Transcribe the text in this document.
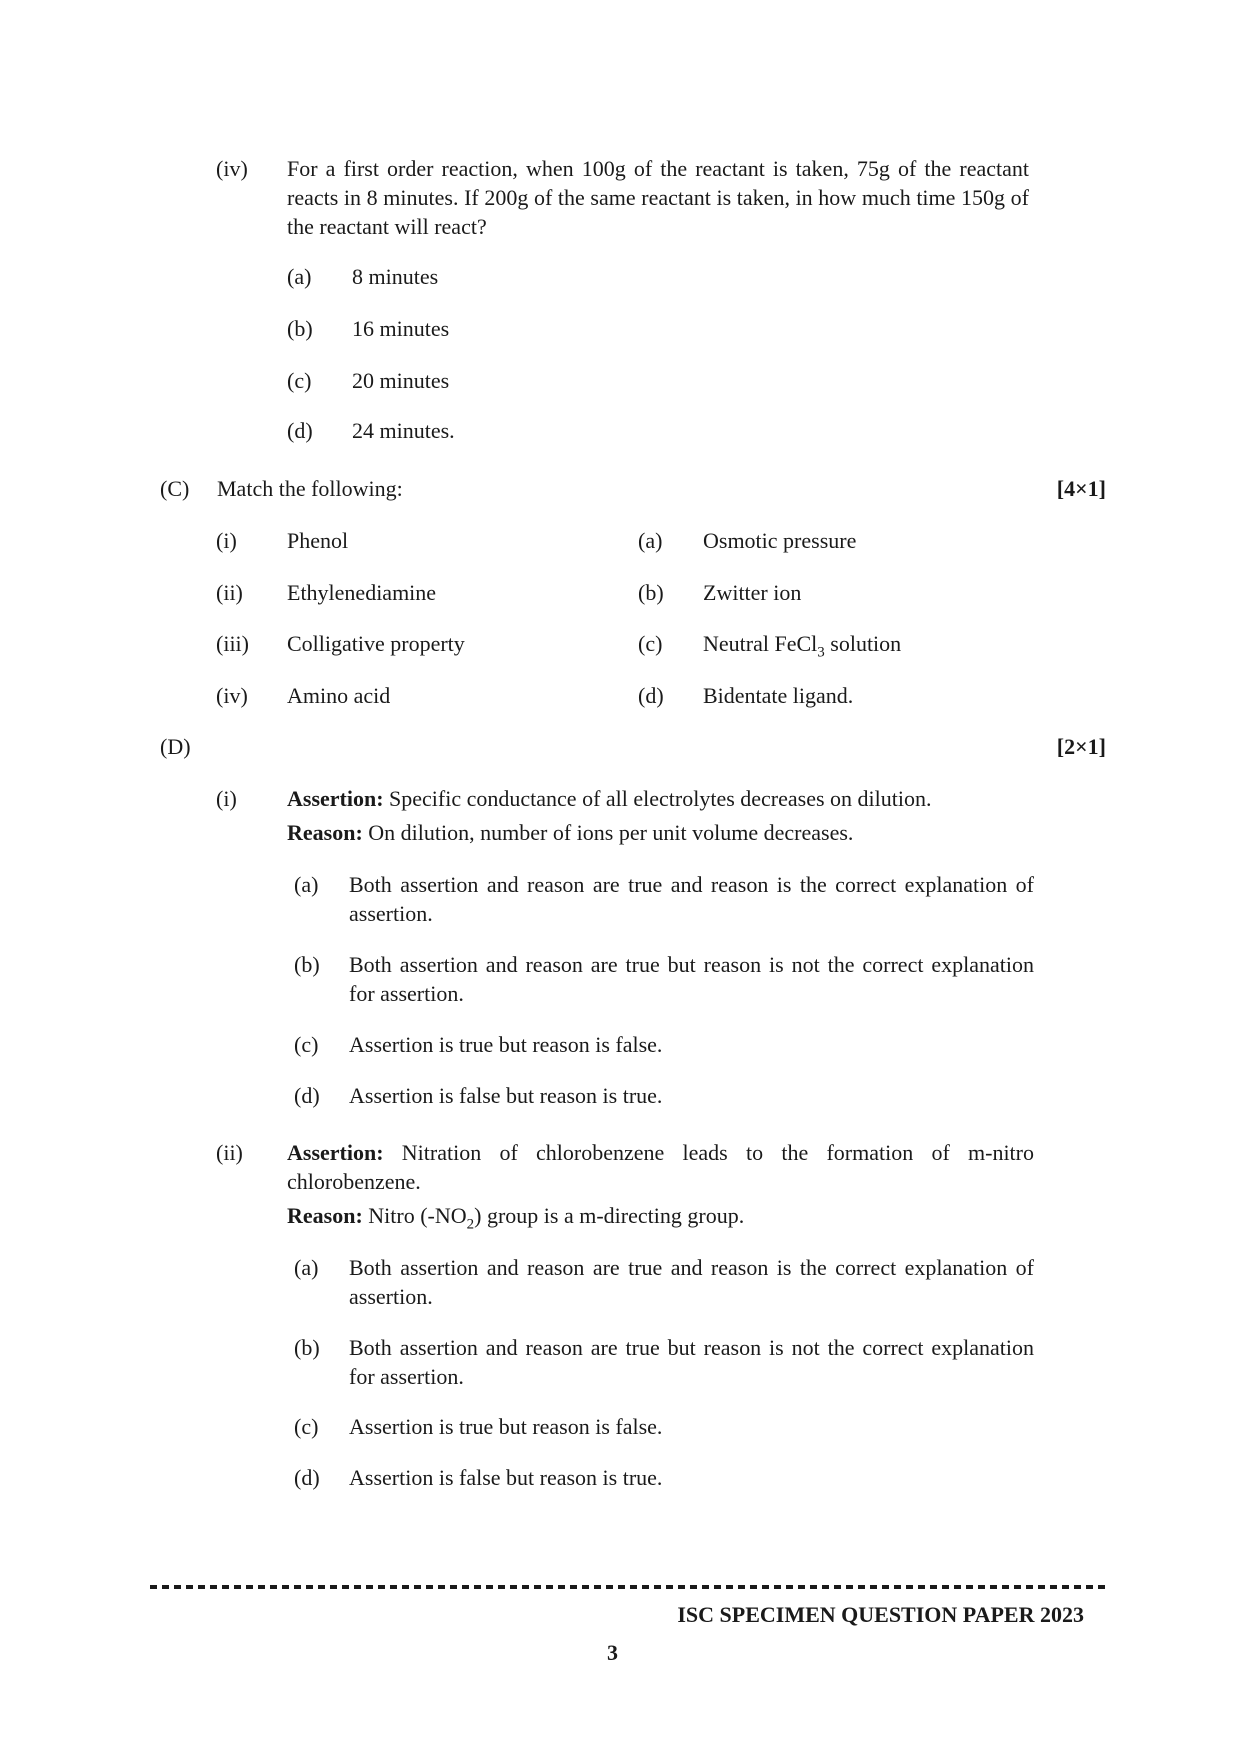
(iv) For a first order reaction, when 100g of the reactant is taken, 75g of the reactant reacts in 8 minutes. If 200g of the same reactant is taken, in how much time 150g of the reactant will react?
(a) 8 minutes
(b) 16 minutes
(c) 20 minutes
(d) 24 minutes.
(C) Match the following:	[4×1]
(i) Phenol
(ii) Ethylenediamine
(iii) Colligative property
(iv) Amino acid
(a) Osmotic pressure
(b) Zwitter ion
(c) Neutral FeCl$_3$ solution
(d) Bidentate ligand.
(D)	[2×1]
(i) Assertion: Specific conductance of all electrolytes decreases on dilution.
Reason: On dilution, number of ions per unit volume decreases.
(a) Both assertion and reason are true and reason is the correct explanation of assertion.
(b) Both assertion and reason are true but reason is not the correct explanation for assertion.
(c) Assertion is true but reason is false.
(d) Assertion is false but reason is true.
(ii) Assertion: Nitration of chlorobenzene leads to the formation of m-nitro chlorobenzene.
Reason: Nitro $(-NO_2)$ group is a m-directing group.
(a) Both assertion and reason are true and reason is the correct explanation of assertion.
(b) Both assertion and reason are true but reason is not the correct explanation for assertion.
(c) Assertion is true but reason is false.
(d) Assertion is false but reason is true.
ISC SPECIMEN QUESTION PAPER 2023
3
